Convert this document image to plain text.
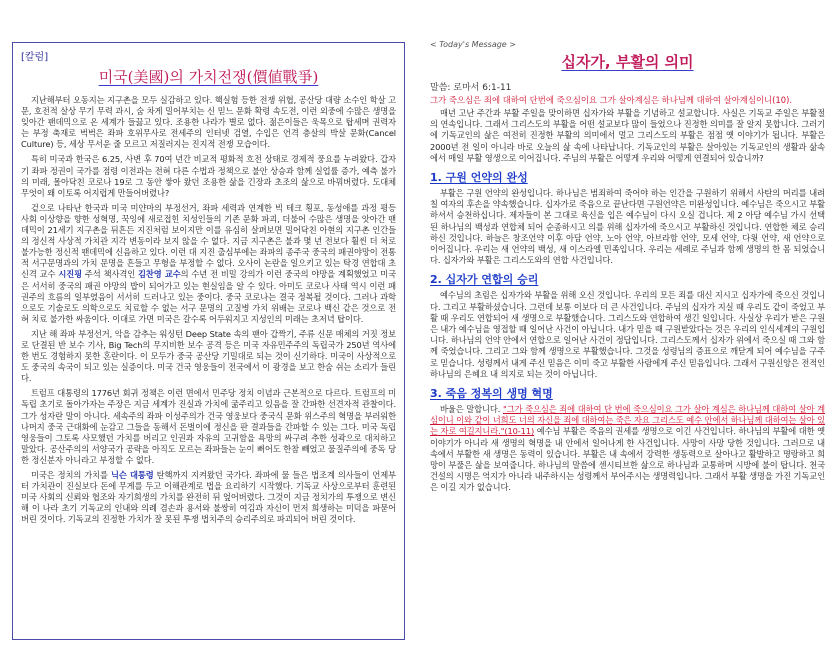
[칼럼]
미국(美國)의 가치전쟁(價値戰爭)

지난해부터 오동지는 지구촌을 모두 실감하고 있다. 핵실험 등한 전쟁 위협, 공산당 대량 소수인 학살 고문, 호전적 살상 무기 무력 과시, 숨 차게 밀어부치는 신 믿느 문화 확령 속도전, 이런 외중에 수많은 생명을 잊아간 팬데믹으로 온 세계가 들끓고 있다. 조용한 나라가 별로 없다. 젊은이들은 욱목으로 탑세며 권력자는 부정 축재로 벅벅은 좌파 호위무사로 전세주의 인터넷 검열, 수입은 언격 층살의 박살 문화(Cancel Culture) 등, 세상 무서운 줄 모르고 저질러지는 진지적 전쟁 모습이다.

특히 미국과 한국은 6.25, 사변 후 70여 년간 비교적 평화적 흐전 상태로 경제적 풍요를 누려왔다. 갑자기 좌파 정권이 국가를 점령 이전과는 전혀 다른 수법과 정책으로 불안 상승과 함께 실업률 증가, 예측 불가의 미래, 몰아닥친 코로나 19로 그 동안 쌓아 왔던 조용한 삶을 긴장과 초조의 삶으로 바꿔버렸다. 도대체 무엇이 왜 이토록 어지럽게 만들어버렸나?

겉으로 나타난 한국과 미국 미얀마의 부정선거, 좌파 세력과 연계한 빅 테크 횡포, 동성애를 과정 평등 사회 이상향을 향한 성혁명, 꾹잉에 새로접힌 치성인들의 기존 문화 파괴, 더불어 수많은 생명을 앗아간 팬데믹이 21세기 지구촌을 뒤흔든 지진처럼 보이지만 이를 유심히 살펴보면 밀어닥친 아현의 지구촌 인간들의 정신적 사상적 가치관 지각 변동이라 보지 않을 수 없다. 지금 지구촌은 불과 몇 년 전보다 훨씬 더 처로 불가능한 정신적 팬데믹에 신음하고 있다. 이런 대 지진 출심부에는 좌파의 종주국 중국의 패권야망이 전통적 서구문명과의 가치 문명을 흔들고 무형을 부정할 수 없다. 오사이 논란을 일으키고 있는 탁경 연합대 초신격 교수 시진핑 주석 책사격인 김찬영 교수의 수년 전 비밀 강의가 이런 중국의 야망을 계획했었고 미국은 서서히 중국의 패권 야망의 밥이 되어가고 있는 현실임을 알 수 있다. 아미도 코로나 사태 역시 이런 패권주의 흐름의 일부였음이 서서히 드러나고 있는 중이다. 중국 코로나는 결국 정복될 것이다. 그러나 과학으로도 기술로도 의학으로도 치료할 수 없는 서구 문명의 고질병 가치 위배는 코로나 백신 같은 것으로 전혀 치료 불가한 싸움이다. 이대로 가면 미국은 갈수록 어두워지고 지성인의 미래는 초저녁 탑이다.

지난 해 좌파 부정선거, 악을 감추는 워싱턴 Deep State 속의 팬아 갑짝기, 주류 신문 매체의 거짓 정보로 단결된 반 보수 기사, Big Tech의 무지비한 보수 공격 등은 미국 자유민주주의 독립국가 250년 역사에 한 번도 경험하지 못한 혼란이다. 이 모두가 중국 공산당 기밀대로 되는 것이 신기하다. 미국이 사상적으로도 중국의 속국이 되고 있는 실증이다. 미국 건국 영웅들이 전국에서 이 광경을 보고 한숨 쉬는 소리가 들린다.

트럼프 대통령의 1776년 회귀 정책은 이런 면에서 민주당 정치 이념과 근본적으로 다르다. 트럼프의 미 독립 초기로 돌아가자는 주장은 지금 세계가 진실과 가치에 굶주리고 있음을 잘 간파한 선견자적 관찰이다. 그가 성자란 말이 아니다. 세속주의 좌파 이성주의가 건국 영웅보다 중국식 문화 위스주의 혁명을 부러워한 나머지 중국 근대화에 눈감고 그들을 동해서 돈벌이에 정신을 판 결과들을 간파할 수 있는 그다. 미국 독립 영웅들이 그토록 사모했던 가치를 버리고 인권과 자유의 고귀함을 욕망의 싸구려 추한 성곽으로 대치하고 말았다. 공산주의의 서양국가 공략을 아직도 모르는 좌파들는 눈이 뻐어도 한참 빼었고 물질주의에 중독 당한 정신분자 아니라고 부정할 수 없다.

미국은 정치의 가치를 닉슨 대통령 탄핵까지 지켜왔던 국가다. 좌파에 물 들은 법조계 의사들이 언제부터 가치관이 진실보다 돈에 무게를 두고 이해관계로 법을 요리하기 시작했다. 기독교 사상으로부터 훈련된 미국 사회의 신뢰와 협조와 자기희생의 가치를 완전히 뒤 엎어버렸다. 그것이 지금 정치가의 투쟁으로 변신해 이 나라 초기 기독교의 인내와 의례 겸손과 용서와 불쌍히 여김과 자신이 먼저 희생하는 미덕을 파묻어버린 것이다. 기독교의 진정한 가치가 잘 못된 투쟁 법치주의 승리주의로 파괴되어 버린 것이다.

< Today's Message >
십자가, 부활의 의미
말씀: 로마서 6:1-11
그가 죽으심은 죄에 대하여 단번에 죽으심이요 그가 살아계심은 하나님께 대하여 살아계심이니(10).

매년 고난 주간과 부활 주일을 맞이하면 십자가와 부활을 기념하고 설교합니다. 사실은 기독교 주일은 부활절의 연속입니다. 그래서 그리스도의 부활을 어떤 설교보다 많이 들었으나 진정한 의미를 잘 알지 못합니다. 그러기에 기독교인의 삶은 여전히 진정한 부활의 의미에서 멀고 그리스도의 부활은 점점 옛 이야기가 됩니다. 부활은 2000년 전 일이 아니라 바로 오늘의 삶 속에 나타납니다. 기독교인의 부활은 살아있는 기독교인의 생활과 삶속에서 매일 부활 영생으로 이어집니다. 주님의 부활은 어떻게 우리와 어떻게 연결되어 있습니까?

1. 구원 언약의 완성

부활은 구원 언약의 완성입니다. 하나님은 범죄하여 죽어야 하는 인간을 구원하기 위해서 사탄의 머리를 내려 칠 여자의 후손을 약속했습니다. 십자가로 죽음으로 끝난다면 구원언약은 미완성입니다. 예수님은 죽으시고 부활하셔서 승천하십니다. 제자들이 본 그대로 육신을 입은 예수님이 다시 오실 겁니다. 제 2 아담 예수님 가시 선택된 하나님의 백성과 연합체 되어 순종하시고 의를 위해 십자가에 죽으시고 부활하신 것입니다. 연합한 체로 승리하신 것입니다. 하늘은 창조언약 이후 아담 언약, 노아 언약, 아브라함 언약, 모세 언약, 다윗 언약, 새 언약으로 이어집니다. 우리는 새 언약의 백성, 새 이스라엘 민족입니다. 우리는 세례로 주님과 함께 생명의 한 몸 되었습니다. 십자가와 부활은 그리스도와의 연합 사건입니다.

2. 십자가 연합의 승리

예수님의 초림은 십자가와 부활을 위해 오신 것입니다. 우리의 모든 죄를 대신 지시고 십자가에 죽으신 것입니다. 그리고 부활하셨습니다. 그런데 보통 이보다 더 큰 사건입니다. 주님의 십자가 지실 때 우리도 같이 죽었고 부활 때 우리도 연합되어 새 생명으로 부활했습니다. 그리스도와 연합하여 생긴 일입니다. 사실상 우리가 받은 구원은 내가 예수님을 영접할 때 일어난 사건이 아닙니다. 내가 믿을 때 구원받았다는 것은 우리의 인식세계의 구원입니다. 하나님의 언약 안에서 연합으로 일어난 사건이 정답입니다. 그리스도께서 십자가 위에서 죽으실 때 그와 함께 죽었습니다. 그리고 그와 함께 생명으로 부활했습니다. 그것을 성령님의 증표으로 깨닫게 되어 예수님을 구주로 믿습니다. 성령께서 내게 주신 믿음은 이미 죽고 부활한 사람에게 주신 믿음입니다. 그래서 구원신앙은 전적인 하나님의 은혜요 내 의지로 되는 것이 아닙니다.

3. 죽음 정복의 생명 혁명

바울은 말합니다. "그가 죽으심은 죄에 대하여 단 번에 죽으심이요 그가 살아 계심은 하나님께 대하여 살아 계심이니 이와 같이 너희도 너의 자신을 죄에 대하여는 죽은 자요 그리스도 예수 안에서 하나님께 대하여는 살아 있는 자로 여길지니라."(10-11) 예수님 부활은 죽음의 권세를 생명으로 이긴 사건입니다. 하나님의 부활에 대한 옛 이야기가 아니라 새 생명의 혁명을 내 안에서 일어나게 한 사건입니다. 사망이 사망 당한 것입니다. 그러므로 내 속에서 부활한 새 생명은 동력이 있습니다. 부활은 내 속에서 강력한 생동력으로 살아나고 활발하고 명랑하고 희망이 부풀은 삶을 보여줍니다. 하나님의 말씀에 센시티브한 삶으로 하나님과 교통하며 시방에 불이 탑니다. 천국 건설의 시명은 억지가 아니라 내주하시는 성령께서 부어주시는 생명력입니다. 그래서 부활 생명을 가진 기독교인은 이길 지가 없습니다.
